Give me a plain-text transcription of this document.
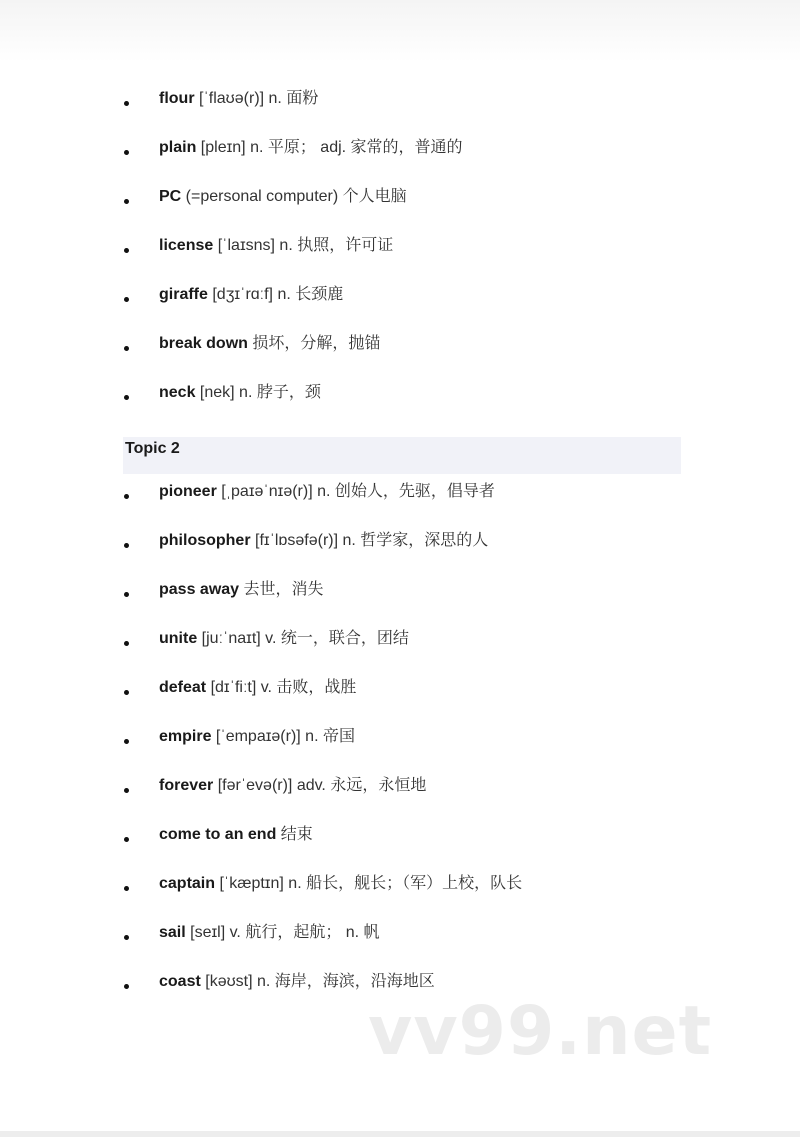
flour [ˈflaʊə(r)] n. 面粉
plain [pleɪn] n. 平原； adj. 家常的，普通的
PC (=personal computer) 个人电脑
license [ˈlaɪsns] n. 执照，许可证
giraffe [dʒɪˈrɑːf] n. 长颈鹿
break down 损坏，分解，抛锚
neck [nek] n. 脖子，颈
Topic 2
pioneer [ˌpaɪəˈnɪə(r)] n. 创始人，先驱，倡导者
philosopher [fɪˈlɒsəfə(r)] n. 哲学家，深思的人
pass away 去世，消失
unite [juːˈnaɪt] v. 统一，联合，团结
defeat [dɪˈfiːt] v. 击败，战胜
empire [ˈempaɪə(r)] n. 帝国
forever [fərˈevə(r)] adv. 永远，永恒地
come to an end 结束
captain [ˈkæptɪn] n. 船长，舰长；（军）上校，队长
sail [seɪl] v. 航行，起航； n. 帆
coast [kəʊst] n. 海岸，海滨，沿海地区
vv99.net
